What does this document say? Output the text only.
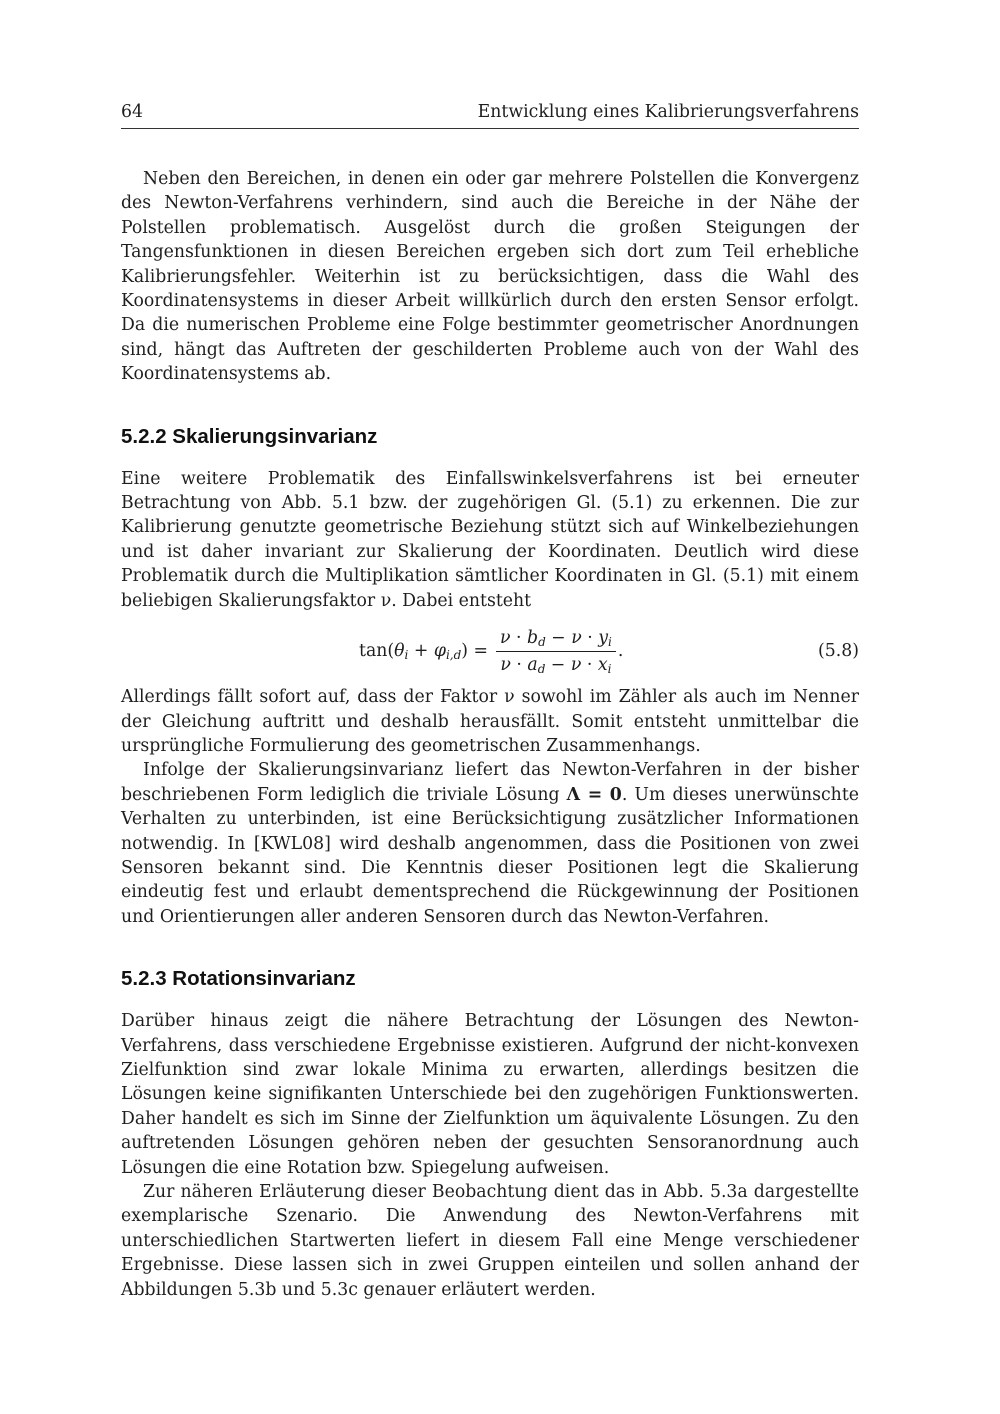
64	Entwicklung eines Kalibrierungsverfahrens

Neben den Bereichen, in denen ein oder gar mehrere Polstellen die Konvergenz des Newton-Verfahrens verhindern, sind auch die Bereiche in der Nähe der Polstellen problematisch. Ausgelöst durch die großen Steigungen der Tangensfunktionen in diesen Bereichen ergeben sich dort zum Teil erhebliche Kalibrierungsfehler. Weiterhin ist zu berücksichtigen, dass die Wahl des Koordinatensystems in dieser Arbeit willkürlich durch den ersten Sensor erfolgt. Da die numerischen Probleme eine Folge bestimmter geometrischer Anordnungen sind, hängt das Auftreten der geschilderten Probleme auch von der Wahl des Koordinatensystems ab.

5.2.2 Skalierungsinvarianz

Eine weitere Problematik des Einfallswinkelsverfahrens ist bei erneuter Betrachtung von Abb. 5.1 bzw. der zugehörigen Gl. (5.1) zu erkennen. Die zur Kalibrierung genutzte geometrische Beziehung stützt sich auf Winkelbeziehungen und ist daher invariant zur Skalierung der Koordinaten. Deutlich wird diese Problematik durch die Multiplikation sämtlicher Koordinaten in Gl. (5.1) mit einem beliebigen Skalierungsfaktor ν. Dabei entsteht

$\tan(\theta_i + \varphi_{i,d}) = \frac{\nu \cdot b_d - \nu \cdot y_i}{\nu \cdot a_d - \nu \cdot x_i}$ .	(5.8)

Allerdings fällt sofort auf, dass der Faktor ν sowohl im Zähler als auch im Nenner der Gleichung auftritt und deshalb herausfällt. Somit entsteht unmittelbar die ursprüngliche Formulierung des geometrischen Zusammenhangs.

Infolge der Skalierungsinvarianz liefert das Newton-Verfahren in der bisher beschriebenen Form lediglich die triviale Lösung Λ = 0. Um dieses unerwünschte Verhalten zu unterbinden, ist eine Berücksichtigung zusätzlicher Informationen notwendig. In [KWL08] wird deshalb angenommen, dass die Positionen von zwei Sensoren bekannt sind. Die Kenntnis dieser Positionen legt die Skalierung eindeutig fest und erlaubt dementsprechend die Rückgewinnung der Positionen und Orientierungen aller anderen Sensoren durch das Newton-Verfahren.

5.2.3 Rotationsinvarianz

Darüber hinaus zeigt die nähere Betrachtung der Lösungen des Newton-Verfahrens, dass verschiedene Ergebnisse existieren. Aufgrund der nicht-konvexen Zielfunktion sind zwar lokale Minima zu erwarten, allerdings besitzen die Lösungen keine signifikanten Unterschiede bei den zugehörigen Funktionswerten. Daher handelt es sich im Sinne der Zielfunktion um äquivalente Lösungen. Zu den auftretenden Lösungen gehören neben der gesuchten Sensoranordnung auch Lösungen die eine Rotation bzw. Spiegelung aufweisen.

Zur näheren Erläuterung dieser Beobachtung dient das in Abb. 5.3a dargestellte exemplarische Szenario. Die Anwendung des Newton-Verfahrens mit unterschiedlichen Startwerten liefert in diesem Fall eine Menge verschiedener Ergebnisse. Diese lassen sich in zwei Gruppen einteilen und sollen anhand der Abbildungen 5.3b und 5.3c genauer erläutert werden.
